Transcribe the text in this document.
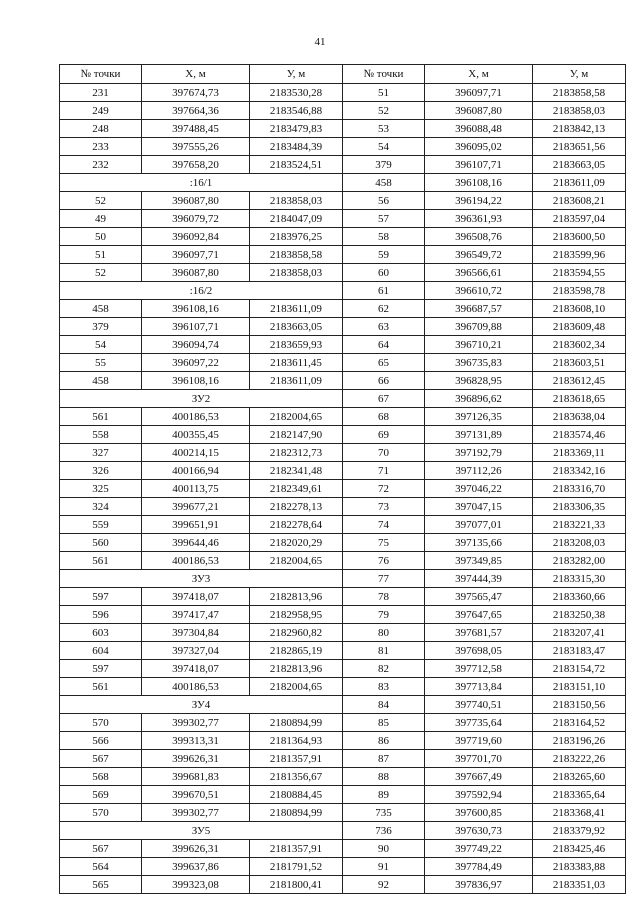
41
№ точки	X, м	У, м	№ точки	X, м	У, м
231	397674,73	2183530,28	51	396097,71	2183858,58
249	397664,36	2183546,88	52	396087,80	2183858,03
248	397488,45	2183479,83	53	396088,48	2183842,13
233	397555,26	2183484,39	54	396095,02	2183651,56
232	397658,20	2183524,51	379	396107,71	2183663,05
:16/1			458	396108,16	2183611,09
52	396087,80	2183858,03	56	396194,22	2183608,21
49	396079,72	2184047,09	57	396361,93	2183597,04
50	396092,84	2183976,25	58	396508,76	2183600,50
51	396097,71	2183858,58	59	396549,72	2183599,96
52	396087,80	2183858,03	60	396566,61	2183594,55
:16/2			61	396610,72	2183598,78
458	396108,16	2183611,09	62	396687,57	2183608,10
379	396107,71	2183663,05	63	396709,88	2183609,48
54	396094,74	2183659,93	64	396710,21	2183602,34
55	396097,22	2183611,45	65	396735,83	2183603,51
458	396108,16	2183611,09	66	396828,95	2183612,45
ЗУ2			67	396896,62	2183618,65
561	400186,53	2182004,65	68	397126,35	2183638,04
558	400355,45	2182147,90	69	397131,89	2183574,46
327	400214,15	2182312,73	70	397192,79	2183369,11
326	400166,94	2182341,48	71	397112,26	2183342,16
325	400113,75	2182349,61	72	397046,22	2183316,70
324	399677,21	2182278,13	73	397047,15	2183306,35
559	399651,91	2182278,64	74	397077,01	2183221,33
560	399644,46	2182020,29	75	397135,66	2183208,03
561	400186,53	2182004,65	76	397349,85	2183282,00
ЗУ3			77	397444,39	2183315,30
597	397418,07	2182813,96	78	397565,47	2183360,66
596	397417,47	2182958,95	79	397647,65	2183250,38
603	397304,84	2182960,82	80	397681,57	2183207,41
604	397327,04	2182865,19	81	397698,05	2183183,47
597	397418,07	2182813,96	82	397712,58	2183154,72
561	400186,53	2182004,65	83	397713,84	2183151,10
ЗУ4			84	397740,51	2183150,56
570	399302,77	2180894,99	85	397735,64	2183164,52
566	399313,31	2181364,93	86	397719,60	2183196,26
567	399626,31	2181357,91	87	397701,70	2183222,26
568	399681,83	2181356,67	88	397667,49	2183265,60
569	399670,51	2180884,45	89	397592,94	2183365,64
570	399302,77	2180894,99	735	397600,85	2183368,41
ЗУ5			736	397630,73	2183379,92
567	399626,31	2181357,91	90	397749,22	2183425,46
564	399637,86	2181791,52	91	397784,49	2183383,88
565	399323,08	2181800,41	92	397836,97	2183351,03
